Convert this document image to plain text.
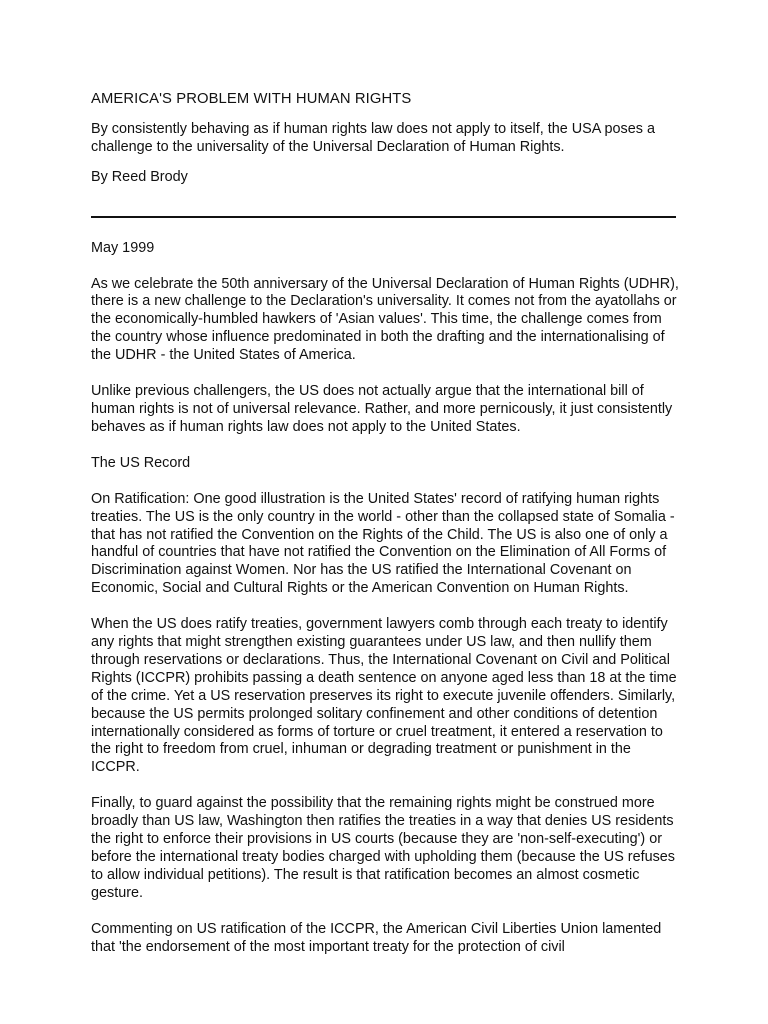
AMERICA'S PROBLEM WITH HUMAN RIGHTS

By consistently behaving as if human rights law does not apply to itself, the USA poses a challenge to the universality of the Universal Declaration of Human Rights.

By Reed Brody

May 1999

As we celebrate the 50th anniversary of the Universal Declaration of Human Rights (UDHR), there is a new challenge to the Declaration's universality. It comes not from the ayatollahs or the economically-humbled hawkers of 'Asian values'. This time, the challenge comes from the country whose influence predominated in both the drafting and the internationalising of the UDHR - the United States of America.

Unlike previous challengers, the US does not actually argue that the international bill of human rights is not of universal relevance. Rather, and more pernicously, it just consistently behaves as if human rights law does not apply to the United States.

The US Record

On Ratification: One good illustration is the United States' record of ratifying human rights treaties. The US is the only country in the world - other than the collapsed state of Somalia - that has not ratified the Convention on the Rights of the Child. The US is also one of only a handful of countries that have not ratified the Convention on the Elimination of All Forms of Discrimination against Women. Nor has the US ratified the International Covenant on Economic, Social and Cultural Rights or the American Convention on Human Rights.

When the US does ratify treaties, government lawyers comb through each treaty to identify any rights that might strengthen existing guarantees under US law, and then nullify them through reservations or declarations. Thus, the International Covenant on Civil and Political Rights (ICCPR) prohibits passing a death sentence on anyone aged less than 18 at the time of the crime. Yet a US reservation preserves its right to execute juvenile offenders. Similarly, because the US permits prolonged solitary confinement and other conditions of detention internationally considered as forms of torture or cruel treatment, it entered a reservation to the right to freedom from cruel, inhuman or degrading treatment or punishment in the ICCPR.

Finally, to guard against the possibility that the remaining rights might be construed more broadly than US law, Washington then ratifies the treaties in a way that denies US residents the right to enforce their provisions in US courts (because they are 'non-self-executing') or before the international treaty bodies charged with upholding them (because the US refuses to allow individual petitions). The result is that ratification becomes an almost cosmetic gesture.

Commenting on US ratification of the ICCPR, the American Civil Liberties Union lamented that 'the endorsement of the most important treaty for the protection of civil
